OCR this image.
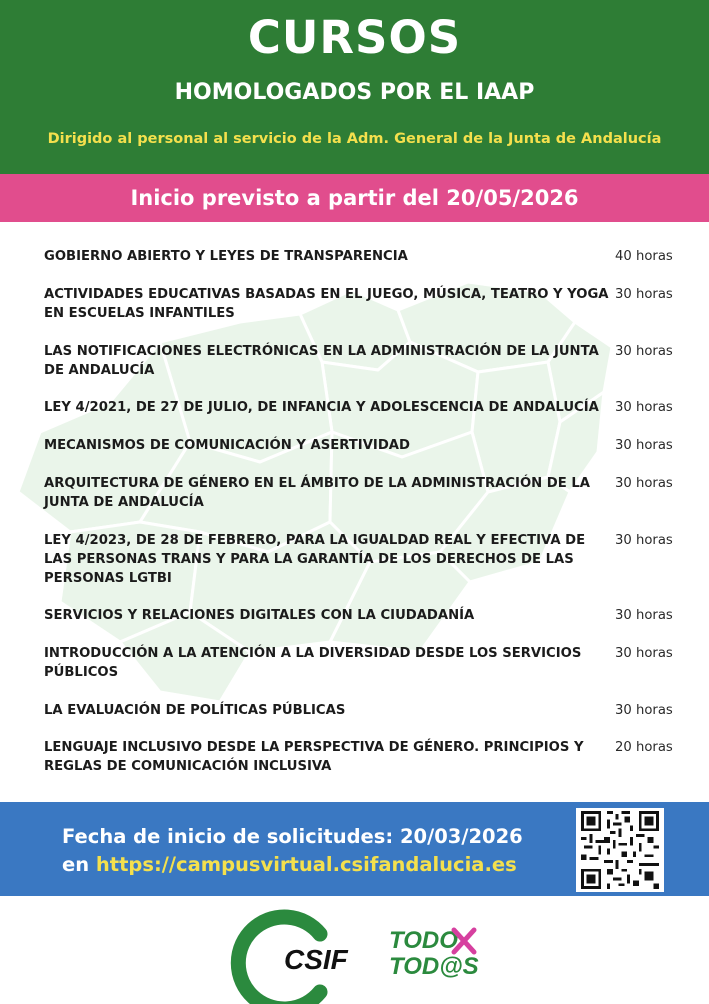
CURSOS
HOMOLOGADOS POR EL IAAP
Dirigido al personal al servicio de la Adm. General de la Junta de Andalucía
Inicio previsto a partir del 20/05/2026
GOBIERNO ABIERTO Y LEYES DE TRANSPARENCIA	40 horas
ACTIVIDADES EDUCATIVAS BASADAS EN EL JUEGO, MÚSICA, TEATRO Y YOGA EN ESCUELAS INFANTILES
30 horas
LAS NOTIFICACIONES ELECTRÓNICAS EN LA ADMINISTRACIÓN DE LA JUNTA DE ANDALUCÍA
30 horas
LEY 4/2021, DE 27 DE JULIO, DE INFANCIA Y ADOLESCENCIA DE ANDALUCÍA	30 horas
MECANISMOS DE COMUNICACIÓN Y ASERTIVIDAD	30 horas
ARQUITECTURA DE GÉNERO EN EL ÁMBITO DE LA ADMINISTRACIÓN DE LA JUNTA DE ANDALUCÍA
30 horas
LEY 4/2023, DE 28 DE FEBRERO, PARA LA IGUALDAD REAL Y EFECTIVA DE LAS PERSONAS TRANS Y PARA LA GARANTÍA DE LOS DERECHOS DE LAS PERSONAS LGTBI
30 horas
SERVICIOS Y RELACIONES DIGITALES CON LA CIUDADANÍA	30 horas
INTRODUCCIÓN A LA ATENCIÓN A LA DIVERSIDAD DESDE LOS SERVICIOS PÚBLICOS
30 horas
LA EVALUACIÓN DE POLÍTICAS PÚBLICAS	30 horas
LENGUAJE INCLUSIVO DESDE LA PERSPECTIVA DE GÉNERO. PRINCIPIOS Y REGLAS DE COMUNICACIÓN INCLUSIVA
20 horas
Fecha de inicio de solicitudes: 20/03/2026
en https://campusvirtual.csifandalucia.es
CSIF
TODO
TOD@S
